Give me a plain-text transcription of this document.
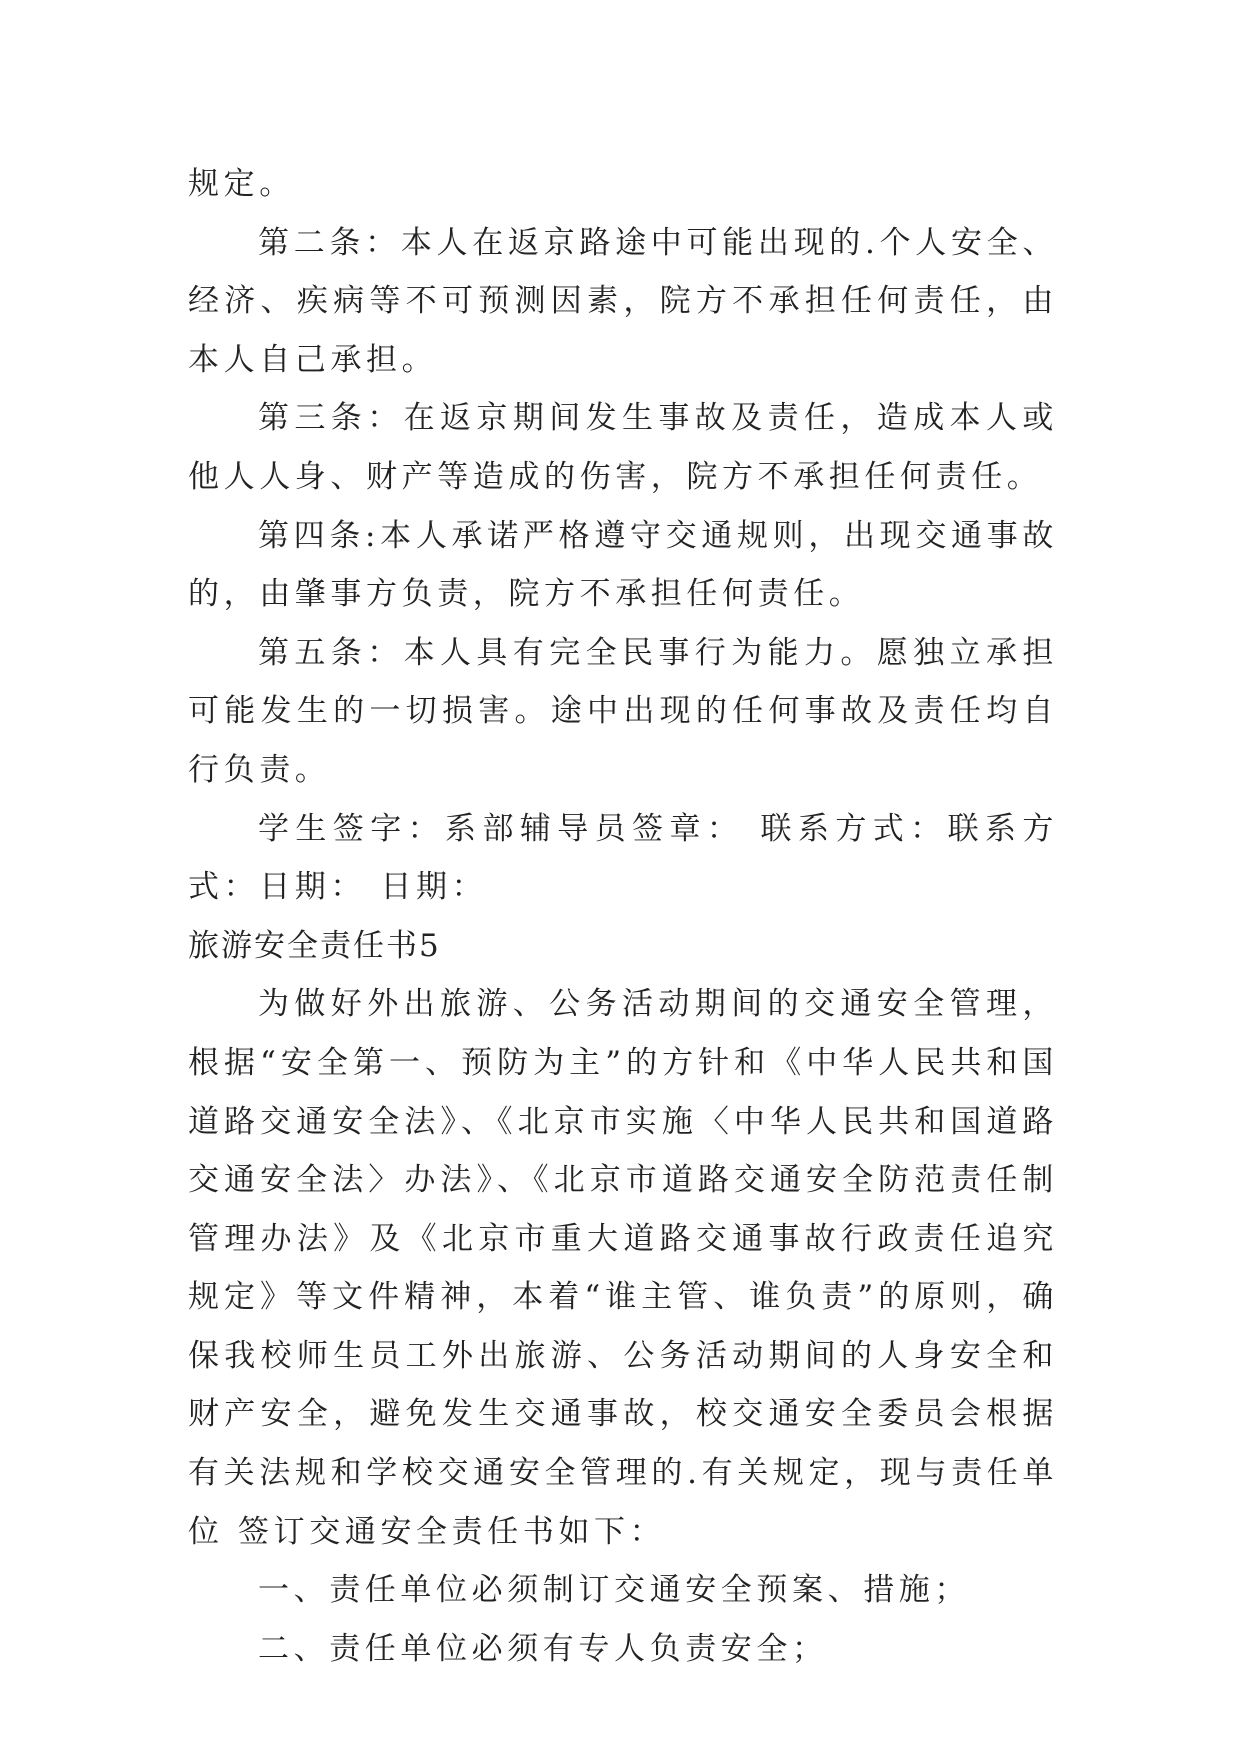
规定。

第二条：本人在返京路途中可能出现的.个人安全、经济、疾病等不可预测因素，院方不承担任何责任，由本人自己承担。

第三条：在返京期间发生事故及责任，造成本人或他人人身、财产等造成的伤害，院方不承担任何责任。

第四条:本人承诺严格遵守交通规则，出现交通事故的，由肇事方负责，院方不承担任何责任。

第五条：本人具有完全民事行为能力。愿独立承担可能发生的一切损害。途中出现的任何事故及责任均自行负责。

学生签字：系部辅导员签章： 联系方式：联系方式：日期： 日期：

旅游安全责任书5

为做好外出旅游、公务活动期间的交通安全管理，根据“安全第一、预防为主”的方针和《中华人民共和国道路交通安全法》、《北京市实施〈中华人民共和国道路交通安全法〉办法》、《北京市道路交通安全防范责任制管理办法》及《北京市重大道路交通事故行政责任追究规定》等文件精神，本着“谁主管、谁负责”的原则，确保我校师生员工外出旅游、公务活动期间的人身安全和财产安全，避免发生交通事故，校交通安全委员会根据有关法规和学校交通安全管理的.有关规定，现与责任单位 签订交通安全责任书如下：

一、责任单位必须制订交通安全预案、措施；

二、责任单位必须有专人负责安全；
